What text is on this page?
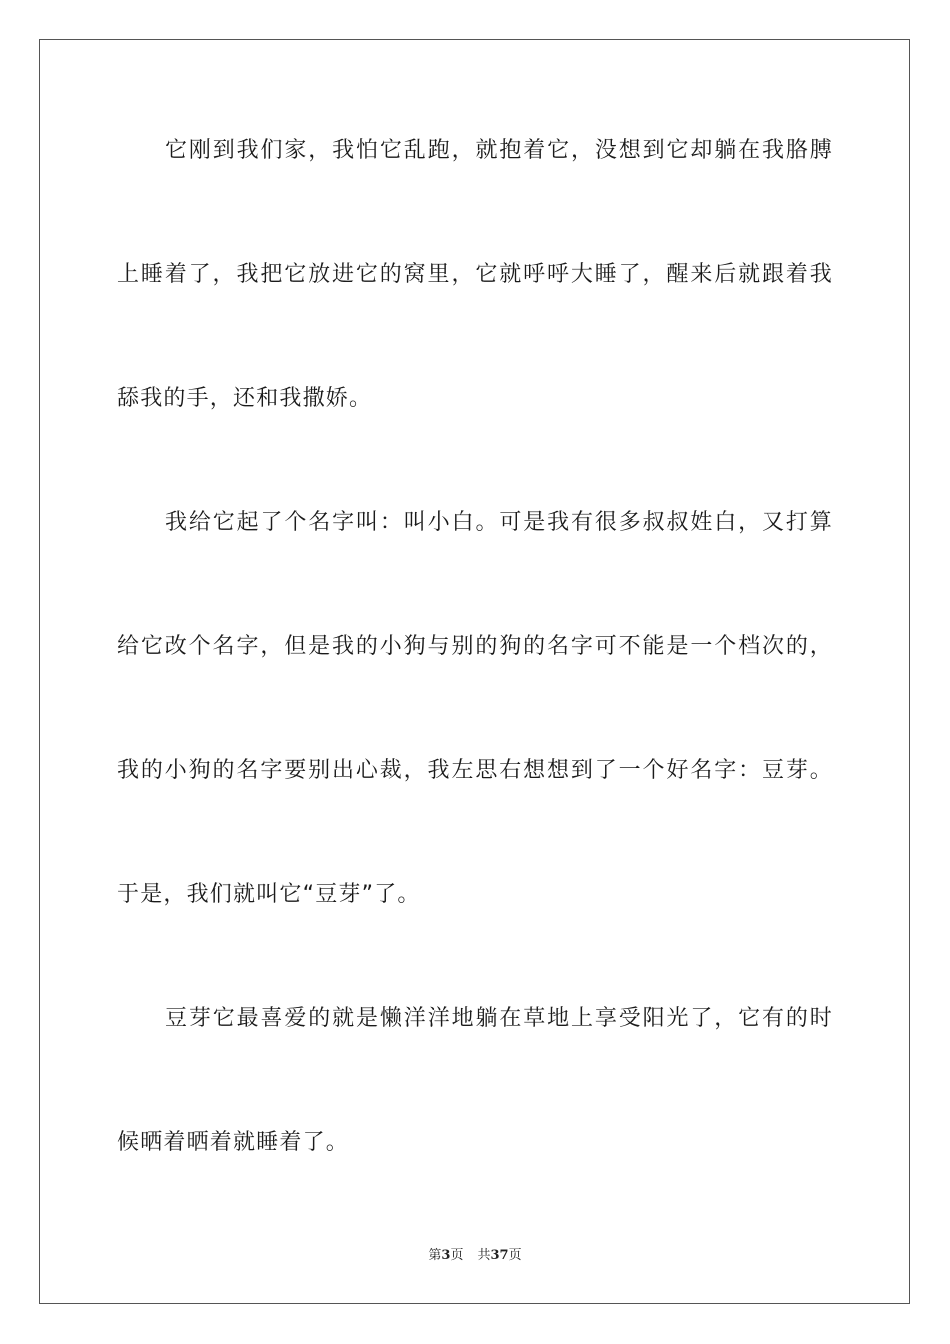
它刚到我们家，我怕它乱跑，就抱着它，没想到它却躺在我胳膊
上睡着了，我把它放进它的窝里，它就呼呼大睡了，醒来后就跟着我
舔我的手，还和我撒娇。
我给它起了个名字叫：叫小白。可是我有很多叔叔姓白，又打算
给它改个名字，但是我的小狗与别的狗的名字可不能是一个档次的，
我的小狗的名字要别出心裁，我左思右想想到了一个好名字：豆芽。
于是，我们就叫它“豆芽”了。
豆芽它最喜爱的就是懒洋洋地躺在草地上享受阳光了，它有的时
候晒着晒着就睡着了。
第3页 共37页
